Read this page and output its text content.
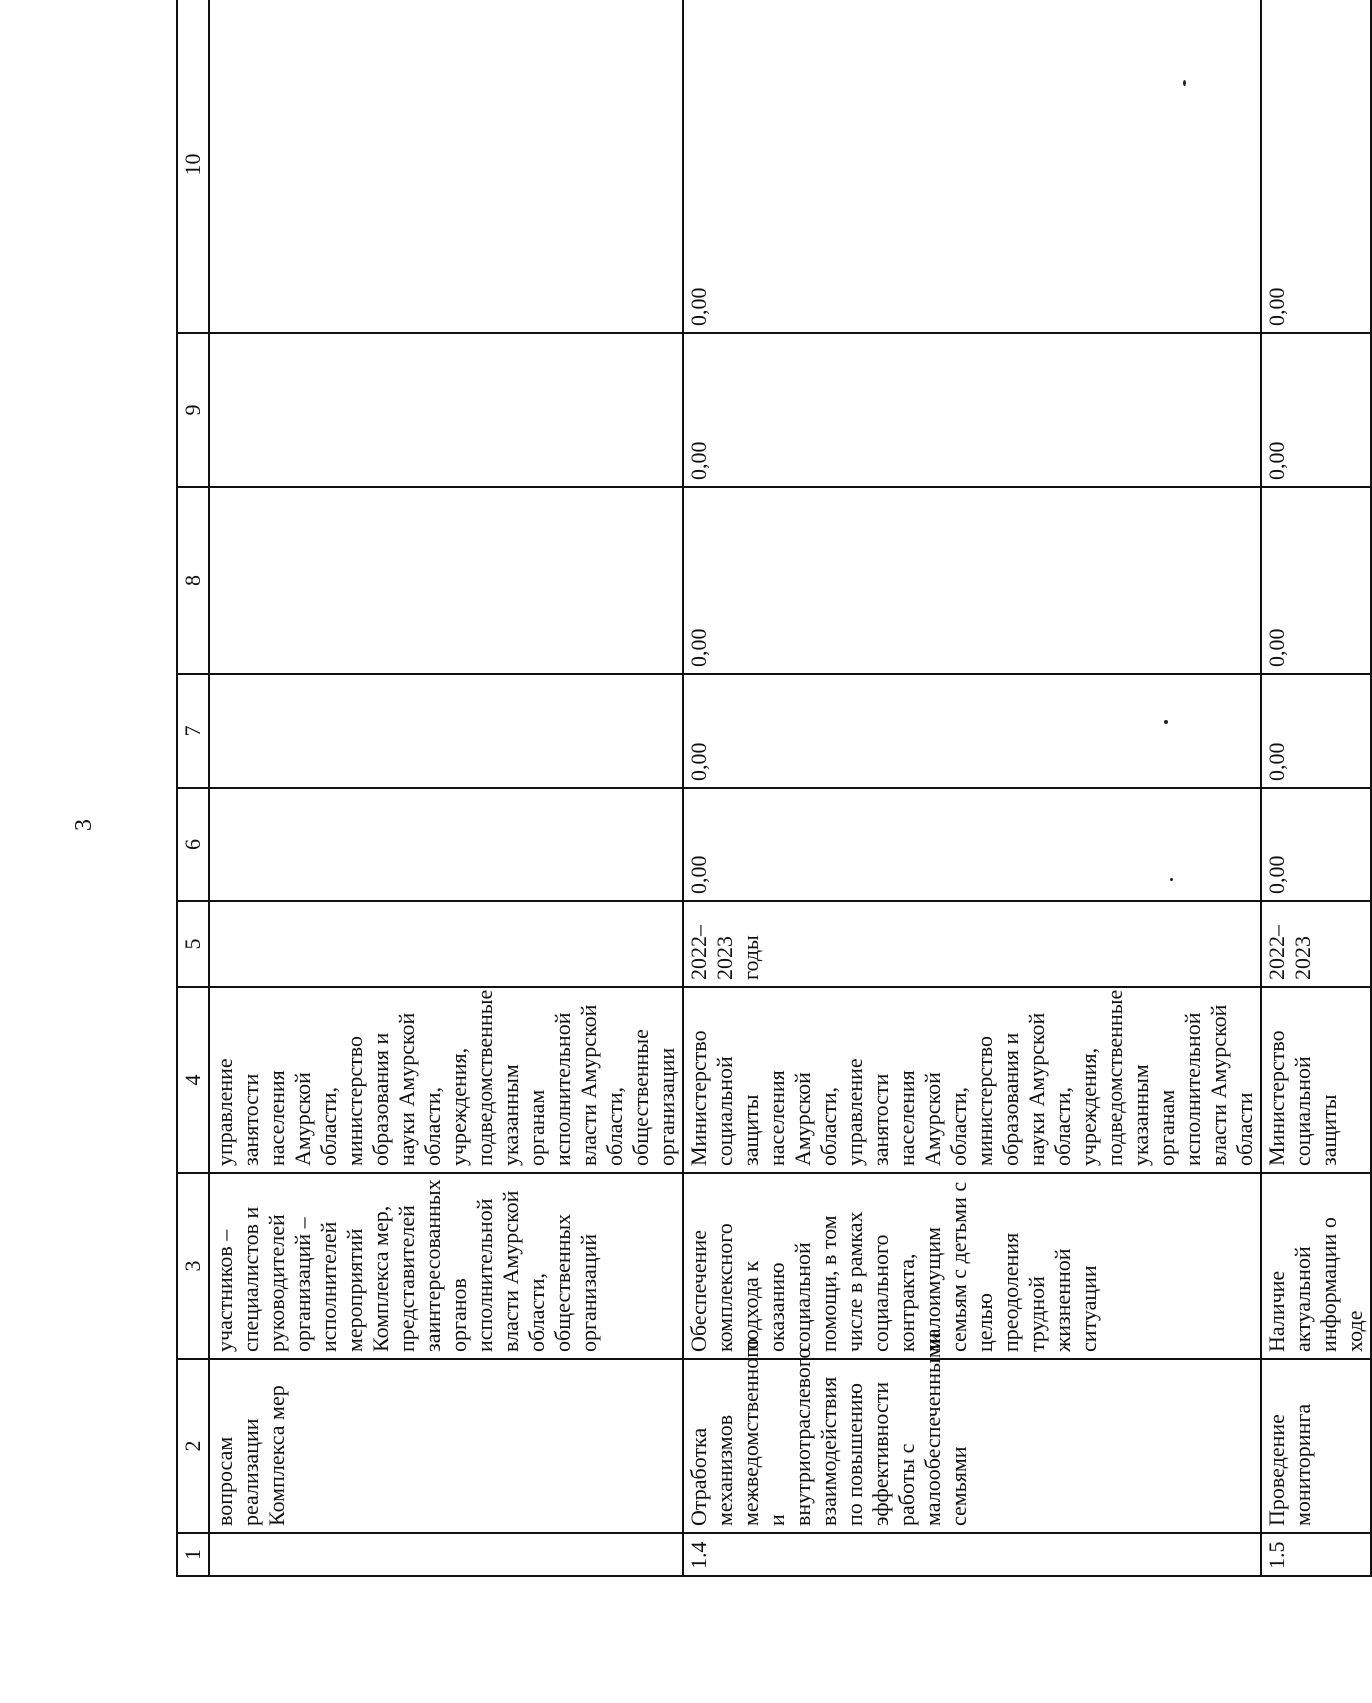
3
1	2	3	4	5	6	7	8	9	10

	вопросам реализации Комплекса мер	участников – специалистов и руководителей организаций – исполнителей мероприятий Комплекса мер, представителей заинтересованных органов исполнительной власти Амурской области, общественных организаций	управление занятости населения Амурской области, министерство образования и науки Амурской области, учреждения, подведомственные указанным органам исполнительной власти Амурской области, общественные организации						

1.4	Отработка механизмов межведомственного и внутриотраслевого взаимодействия по повышению эффективности работы с малообеспеченными семьями	Обеспечение комплексного подхода к оказанию социальной помощи, в том числе в рамках социального контракта, малоимущим семьям с детьми с целью преодоления трудной жизненной ситуации	Министерство социальной защиты населения Амурской области, управление занятости населения Амурской области, министерство образования и науки Амурской области, учреждения, подведомственные указанным органам исполнительной власти Амурской области	2022–2023 годы	0,00	0,00	0,00	0,00	0,00
1.5	Проведение мониторинга	Наличие актуальной информации о ходе	Министерство социальной защиты	2022–2023	0,00	0,00	0,00	0,00	0,00
